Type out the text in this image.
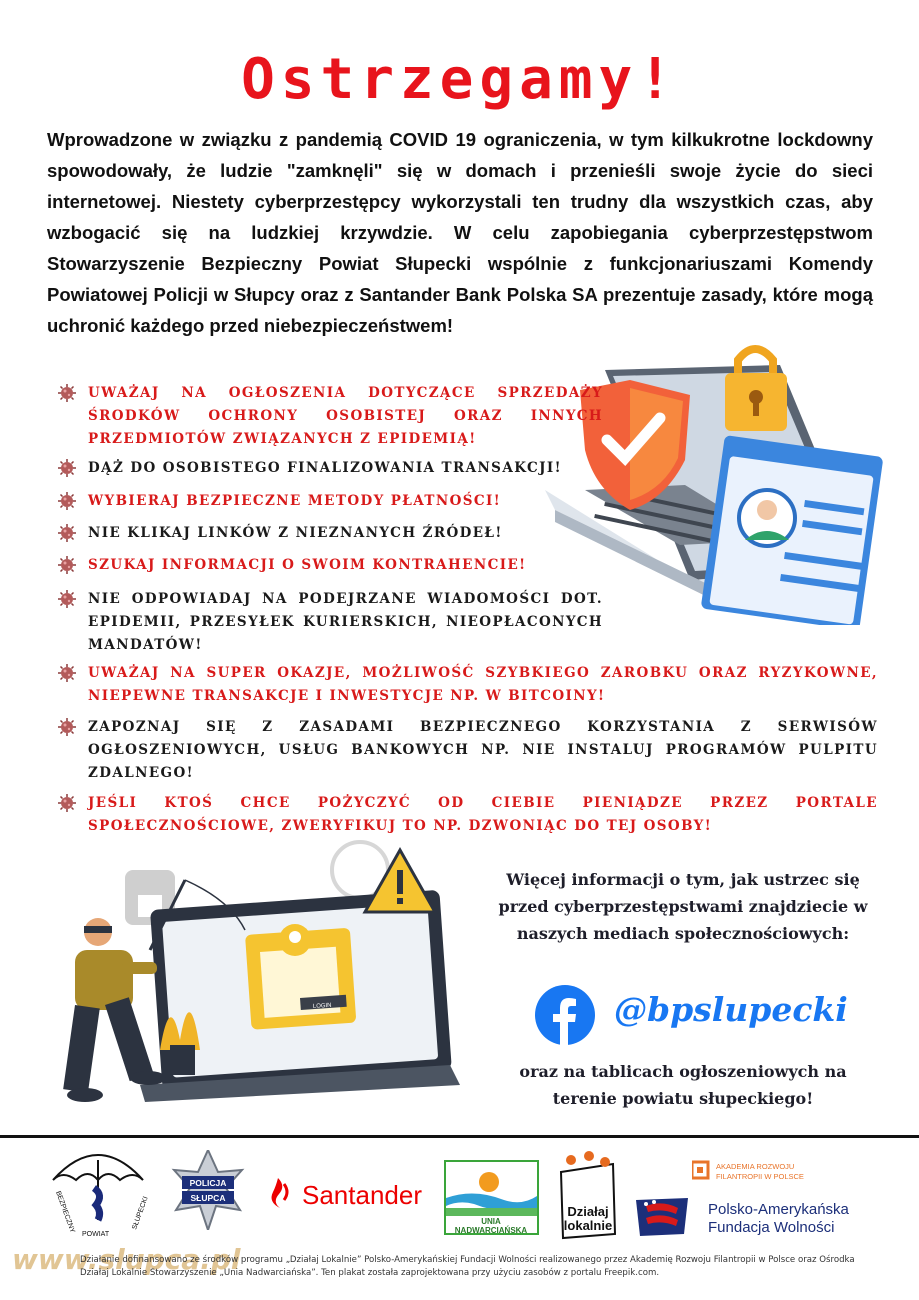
Ostrzegamy!

Wprowadzone w związku z pandemią COVID 19 ograniczenia, w tym kilkukrotne lockdowny spowodowały, że ludzie "zamknęli" się w domach i przenieśli swoje życie do sieci internetowej. Niestety cyberprzestępcy wykorzystali ten trudny dla wszystkich czas, aby wzbogacić się na ludzkiej krzywdzie. W celu zapobiegania cyberprzestępstwom Stowarzyszenie Bezpieczny Powiat Słupecki wspólnie z funkcjonariuszami Komendy Powiatowej Policji w Słupcy oraz z Santander Bank Polska SA prezentuje zasady, które mogą uchronić każdego przed niebezpieczeństwem!

UWAŻAJ NA OGŁOSZENIA DOTYCZĄCE SPRZEDAŻY ŚRODKÓW OCHRONY OSOBISTEJ ORAZ INNYCH PRZEDMIOTÓW ZWIĄZANYCH Z EPIDEMIĄ!
DĄŻ DO OSOBISTEGO FINALIZOWANIA TRANSAKCJI!
WYBIERAJ BEZPIECZNE METODY PŁATNOŚCI!
NIE KLIKAJ LINKÓW Z NIEZNANYCH ŹRÓDEŁ!
SZUKAJ INFORMACJI O SWOIM KONTRAHENCIE!
NIE ODPOWIADAJ NA PODEJRZANE WIADOMOŚCI DOT. EPIDEMII, PRZESYŁEK KURIERSKICH, NIEOPŁACONYCH MANDATÓW!
UWAŻAJ NA SUPER OKAZJE, MOŻLIWOŚĆ SZYBKIEGO ZAROBKU ORAZ RYZYKOWNE, NIEPEWNE TRANSAKCJE I INWESTYCJE NP. W BITCOINY!
ZAPOZNAJ SIĘ Z ZASADAMI BEZPIECZNEGO KORZYSTANIA Z SERWISÓW OGŁOSZENIOWYCH, USŁUG BANKOWYCH NP. NIE INSTALUJ PROGRAMÓW PULPITU ZDALNEGO!
JEŚLI KTOŚ CHCE POŻYCZYĆ OD CIEBIE PIENIĄDZE PRZEZ PORTALE SPOŁECZNOŚCIOWE, ZWERYFIKUJ TO NP. DZWONIĄC DO TEJ OSOBY!
LOGIN

Więcej informacji o tym, jak ustrzec się przed cyberprzestępstwami znajdziecie w naszych mediach społecznościowych:

@bpslupecki

oraz na tablicach ogłoszeniowych na terenie powiatu słupeckiego!

BEZPIECZNY
POWIAT
SŁUPECKI
POLICJA
SŁUPCA	Santander
UNIA
NADWARCIAŃSKA
Działaj
lokalnie
AKADEMIA ROZWOJU
FILANTROPII W POLSCE
Polsko-Amerykańska
Fundacja Wolności
www.slupca.pl

Działanie dofinansowano ze środków programu „Działaj Lokalnie” Polsko-Amerykańskiej Fundacji Wolności realizowanego przez Akademię Rozwoju Filantropii w Polsce oraz Ośrodka Działaj Lokalnie Stowarzyszenie „Unia Nadwarciańska”. Ten plakat została zaprojektowana przy użyciu zasobów z portalu Freepik.com.
